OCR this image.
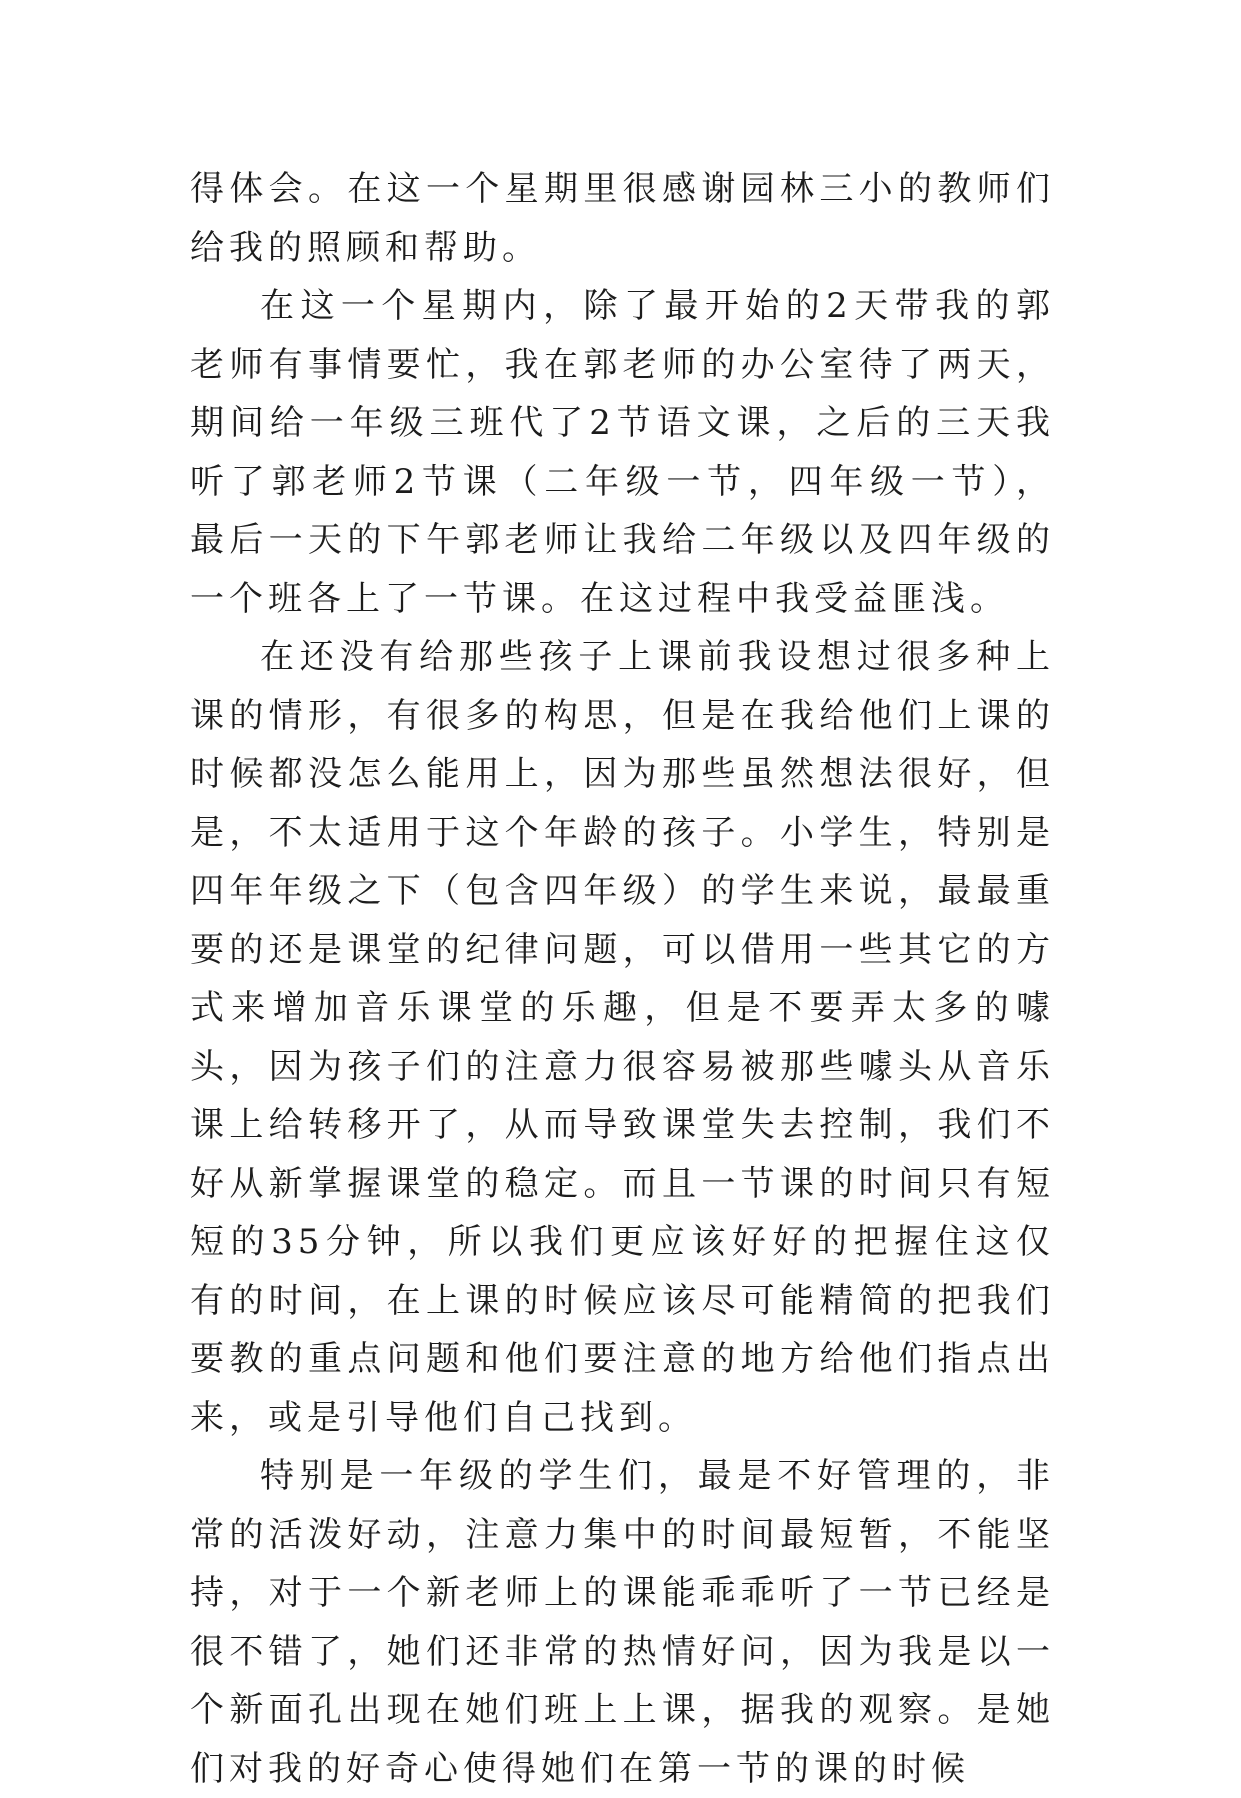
得体会。在这一个星期里很感谢园林三小的教师们给我的照顾和帮助。

在这一个星期内，除了最开始的2天带我的郭老师有事情要忙，我在郭老师的办公室待了两天，期间给一年级三班代了2节语文课，之后的三天我听了郭老师2节课（二年级一节，四年级一节），最后一天的下午郭老师让我给二年级以及四年级的一个班各上了一节课。在这过程中我受益匪浅。

在还没有给那些孩子上课前我设想过很多种上课的情形，有很多的构思，但是在我给他们上课的时候都没怎么能用上，因为那些虽然想法很好，但是，不太适用于这个年龄的孩子。小学生，特别是四年年级之下（包含四年级）的学生来说，最最重要的还是课堂的纪律问题，可以借用一些其它的方式来增加音乐课堂的乐趣，但是不要弄太多的噱头，因为孩子们的注意力很容易被那些噱头从音乐课上给转移开了，从而导致课堂失去控制，我们不好从新掌握课堂的稳定。而且一节课的时间只有短短的35分钟，所以我们更应该好好的把握住这仅有的时间，在上课的时候应该尽可能精简的把我们要教的重点问题和他们要注意的地方给他们指点出来，或是引导他们自己找到。

特别是一年级的学生们，最是不好管理的，非常的活泼好动，注意力集中的时间最短暂，不能坚持，对于一个新老师上的课能乖乖听了一节已经是很不错了，她们还非常的热情好问，因为我是以一个新面孔出现在她们班上上课，据我的观察。是她们对我的好奇心使得她们在第一节的课的时候
